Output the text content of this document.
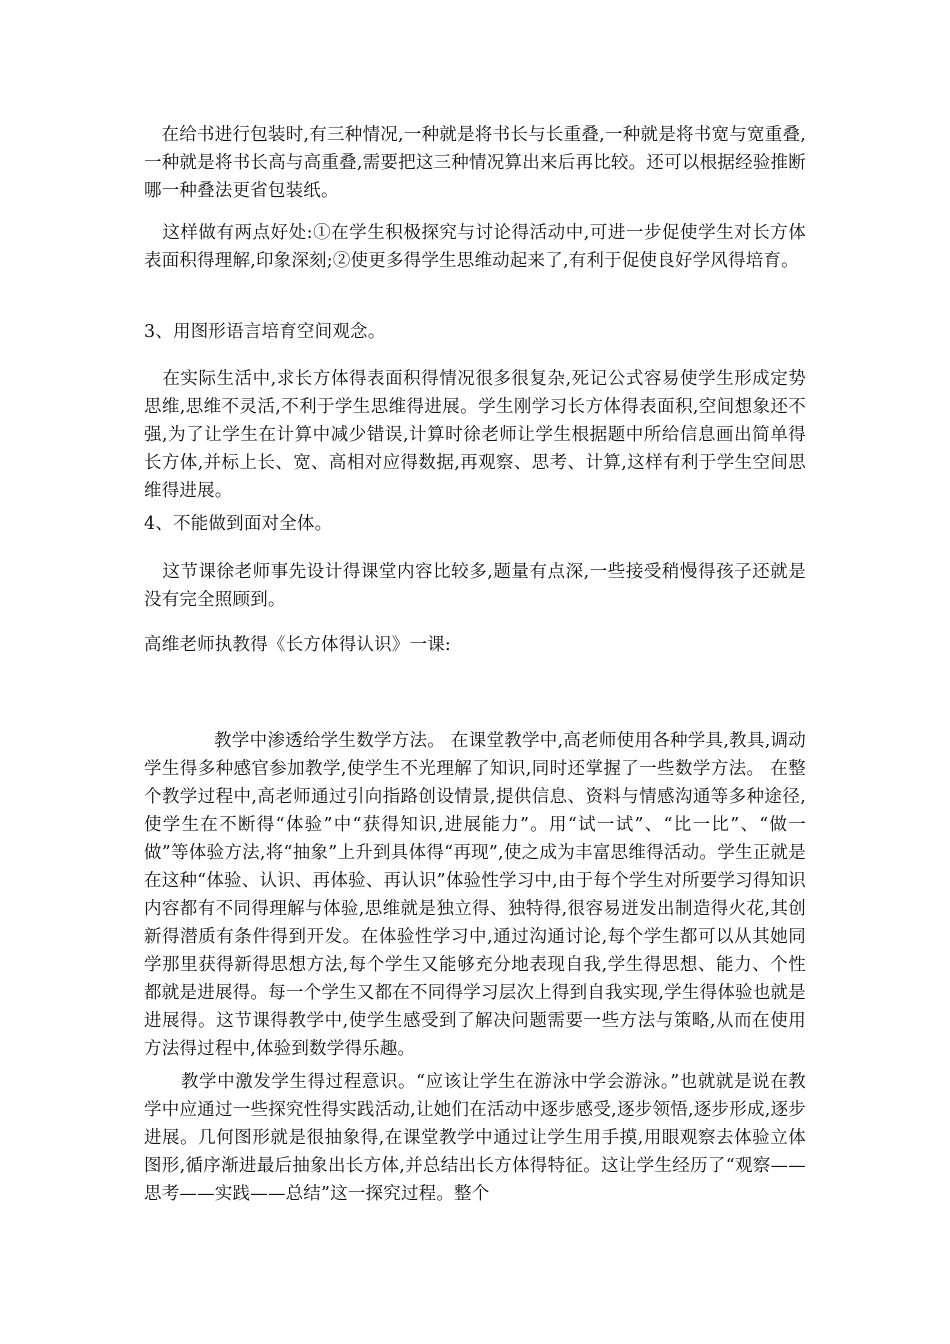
在给书进行包装时,有三种情况,一种就是将书长与长重叠,一种就是将书宽与宽重叠,一种就是将书长高与高重叠,需要把这三种情况算出来后再比较。还可以根据经验推断哪一种叠法更省包装纸。

这样做有两点好处:①在学生积极探究与讨论得活动中,可进一步促使学生对长方体表面积得理解,印象深刻;②使更多得学生思维动起来了,有利于促使良好学风得培育。

3、用图形语言培育空间观念。

在实际生活中,求长方体得表面积得情况很多很复杂,死记公式容易使学生形成定势思维,思维不灵活,不利于学生思维得进展。学生刚学习长方体得表面积,空间想象还不强,为了让学生在计算中减少错误,计算时徐老师让学生根据题中所给信息画出简单得长方体,并标上长、宽、高相对应得数据,再观察、思考、计算,这样有利于学生空间思维得进展。

4、不能做到面对全体。

这节课徐老师事先设计得课堂内容比较多,题量有点深,一些接受稍慢得孩子还就是没有完全照顾到。

高维老师执教得《长方体得认识》一课:

教学中渗透给学生数学方法。 在课堂教学中,高老师使用各种学具,教具,调动学生得多种感官参加教学,使学生不光理解了知识,同时还掌握了一些数学方法。 在整个教学过程中,高老师通过引向指路创设情景,提供信息、资料与情感沟通等多种途径,使学生在不断得“体验”中“获得知识,进展能力”。用“试一试”、“比一比”、“做一做”等体验方法,将“抽象”上升到具体得“再现”,使之成为丰富思维得活动。学生正就是在这种“体验、认识、再体验、再认识”体验性学习中,由于每个学生对所要学习得知识内容都有不同得理解与体验,思维就是独立得、独特得,很容易迸发出制造得火花,其创新得潜质有条件得到开发。在体验性学习中,通过沟通讨论,每个学生都可以从其她同学那里获得新得思想方法,每个学生又能够充分地表现自我,学生得思想、能力、个性都就是进展得。每一个学生又都在不同得学习层次上得到自我实现,学生得体验也就是进展得。这节课得教学中,使学生感受到了解决问题需要一些方法与策略,从而在使用方法得过程中,体验到数学得乐趣。

教学中激发学生得过程意识。“应该让学生在游泳中学会游泳。”也就就是说在教学中应通过一些探究性得实践活动,让她们在活动中逐步感受,逐步领悟,逐步形成,逐步进展。几何图形就是很抽象得,在课堂教学中通过让学生用手摸,用眼观察去体验立体图形,循序渐进最后抽象出长方体,并总结出长方体得特征。这让学生经历了“观察——思考——实践——总结”这一探究过程。整个
